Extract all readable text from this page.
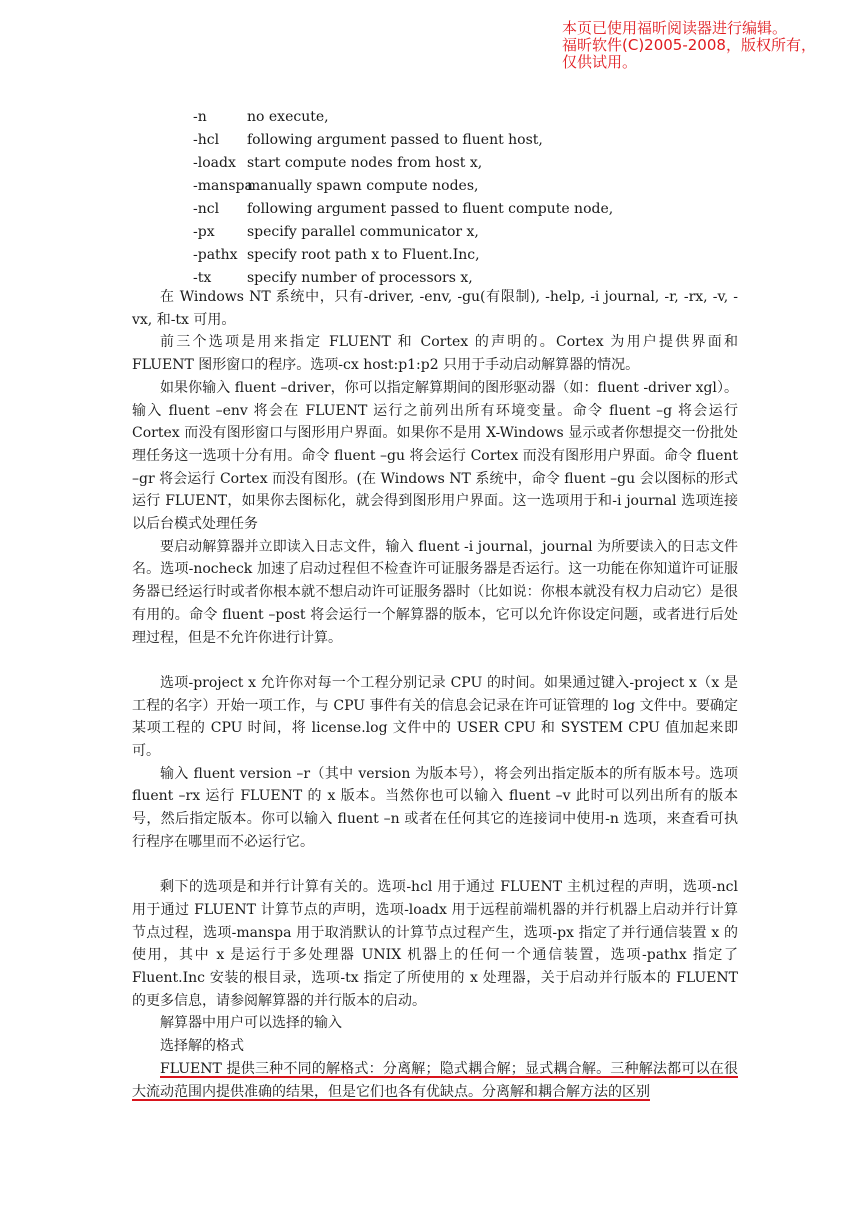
本页已使用福昕阅读器进行编辑。
福昕软件(C)2005-2008，版权所有，
仅供试用。
-n	no execute,
-hcl following argument passed to fluent host,
-loadx start compute nodes from host x,
-manspamanually spawn compute nodes,
-ncl following argument passed to fluent compute node,
-px specify parallel communicator x,
-pathx specify root path x to Fluent.Inc,
-tx	specify number of processors x,

在 Windows NT 系统中，只有-driver, -env, -gu(有限制), -help, -i journal, -r, -rx, -v, -vx, 和-tx 可用。

前三个选项是用来指定 FLUENT 和 Cortex 的声明的。Cortex 为用户提供界面和 FLUENT 图形窗口的程序。选项-cx host:p1:p2 只用于手动启动解算器的情况。

如果你输入 fluent –driver，你可以指定解算期间的图形驱动器（如：fluent -driver xgl）。输入 fluent –env 将会在 FLUENT 运行之前列出所有环境变量。命令 fluent –g 将会运行 Cortex 而没有图形窗口与图形用户界面。如果你不是用 X-Windows 显示或者你想提交一份批处理任务这一选项十分有用。命令 fluent –gu 将会运行 Cortex 而没有图形用户界面。命令 fluent –gr 将会运行 Cortex 而没有图形。(在 Windows NT 系统中，命令 fluent –gu 会以图标的形式运行 FLUENT，如果你去图标化，就会得到图形用户界面。这一选项用于和-i journal 选项连接以后台模式处理任务

要启动解算器并立即读入日志文件，输入 fluent -i journal，journal 为所要读入的日志文件名。选项-nocheck 加速了启动过程但不检查许可证服务器是否运行。这一功能在你知道许可证服务器已经运行时或者你根本就不想启动许可证服务器时（比如说：你根本就没有权力启动它）是很有用的。命令 fluent –post 将会运行一个解算器的版本，它可以允许你设定问题，或者进行后处理过程，但是不允许你进行计算。

选项-project x 允许你对每一个工程分别记录 CPU 的时间。如果通过键入-project x（x 是工程的名字）开始一项工作，与 CPU 事件有关的信息会记录在许可证管理的 log 文件中。要确定某项工程的 CPU 时间，将 license.log 文件中的 USER CPU 和 SYSTEM CPU 值加起来即可。

输入 fluent version –r（其中 version 为版本号），将会列出指定版本的所有版本号。选项 fluent –rx 运行 FLUENT 的 x 版本。当然你也可以输入 fluent –v 此时可以列出所有的版本号，然后指定版本。你可以输入 fluent –n 或者在任何其它的连接词中使用-n 选项，来查看可执行程序在哪里而不必运行它。

剩下的选项是和并行计算有关的。选项-hcl 用于通过 FLUENT 主机过程的声明，选项-ncl 用于通过 FLUENT 计算节点的声明，选项-loadx 用于远程前端机器的并行机器上启动并行计算节点过程，选项-manspa 用于取消默认的计算节点过程产生，选项-px 指定了并行通信装置 x 的使用，其中 x 是运行于多处理器 UNIX 机器上的任何一个通信装置，选项-pathx 指定了 Fluent.Inc 安装的根目录，选项-tx 指定了所使用的 x 处理器，关于启动并行版本的 FLUENT 的更多信息，请参阅解算器的并行版本的启动。

解算器中用户可以选择的输入

选择解的格式

FLUENT 提供三种不同的解格式：分离解；隐式耦合解；显式耦合解。三种解法都可以在很大流动范围内提供准确的结果，但是它们也各有优缺点。分离解和耦合解方法的区别
